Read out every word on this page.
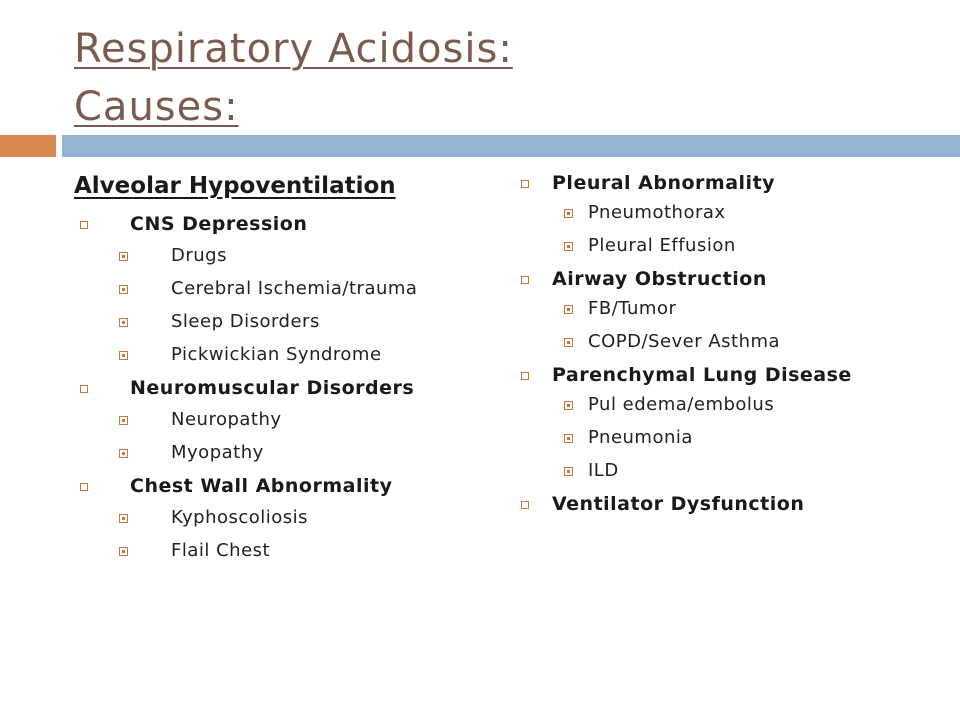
Respiratory Acidosis:
Causes:
Alveolar Hypoventilation
CNS Depression
Drugs
Cerebral Ischemia/trauma
Sleep Disorders
Pickwickian Syndrome
Neuromuscular Disorders
Neuropathy
Myopathy
Chest Wall Abnormality
Kyphoscoliosis
Flail Chest
Pleural Abnormality
Pneumothorax
Pleural Effusion
Airway Obstruction
FB/Tumor
COPD/Sever Asthma
Parenchymal Lung Disease
Pul edema/embolus
Pneumonia
ILD
Ventilator Dysfunction
